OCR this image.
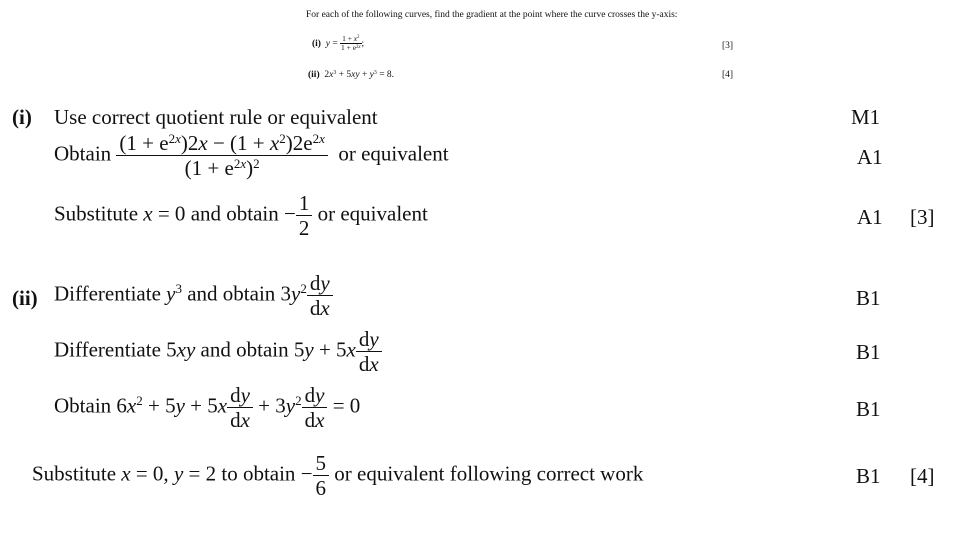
For each of the following curves, find the gradient at the point where the curve crosses the y-axis:
(i) $y = \frac{1 + x^2}{1 + e^{2x}}$ ;	[3]
(ii)  $2x^3 + 5xy + y^3 = 8$.	[4]
(i) Use correct quotient rule or equivalent	M1
Obtain $\frac{(1 + e^{2x})2x - (1 + x^2)2e^{2x}}{(1 + e^{2x})^2}$ or equivalent	A1
Substitute x = 0 and obtain − $\frac{1}{2}$ or equivalent	A1 [3]
(ii) Differentiate $y^3$ and obtain $3y^2 \frac{dy}{dx}$	B1
Differentiate 5xy and obtain $5y + 5x \frac{dy}{dx}$	B1
Obtain $6x^2 + 5y + 5x \frac{dy}{dx} + 3y^2 \frac{dy}{dx} = 0$	B1
Substitute x = 0, y = 2 to obtain − $\frac{5}{6}$ or equivalent following correct work	B1 [4]
